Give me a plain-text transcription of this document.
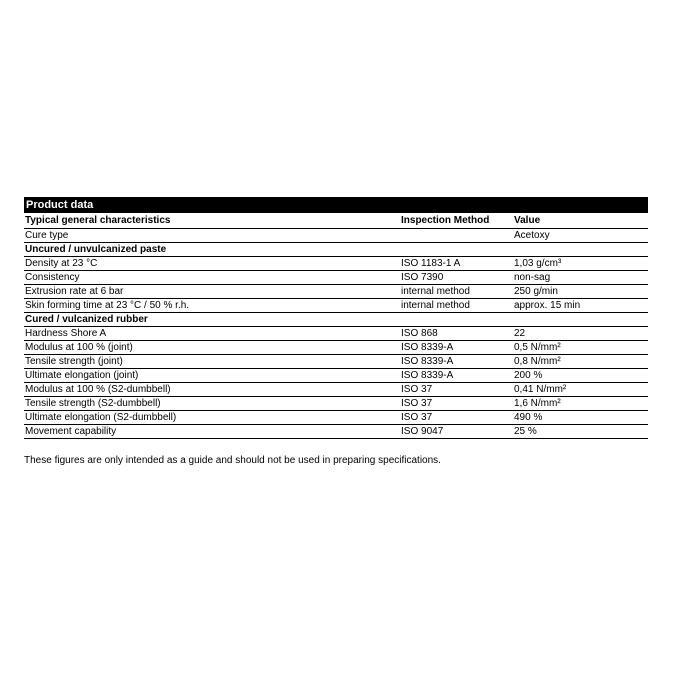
Product data
Typical general characteristics	Inspection Method	Value
Cure type		Acetoxy
Uncured / unvulcanized paste		
Density at 23 °C	ISO 1183-1 A	1,03 g/cm³
Consistency	ISO 7390	non-sag
Extrusion rate at 6 bar	internal method	250 g/min
Skin forming time at 23 °C / 50 % r.h.	internal method	approx. 15 min
Cured / vulcanized rubber		
Hardness Shore A	ISO 868	22
Modulus at 100 % (joint)	ISO 8339-A	0,5 N/mm²
Tensile strength (joint)	ISO 8339-A	0,8 N/mm²
Ultimate elongation (joint)	ISO 8339-A	200 %
Modulus at 100 % (S2-dumbbell)	ISO 37	0,41 N/mm²
Tensile strength (S2-dumbbell)	ISO 37	1,6 N/mm²
Ultimate elongation (S2-dumbbell)	ISO 37	490 %
Movement capability	ISO 9047	25 %
These figures are only intended as a guide and should not be used in preparing specifications.
